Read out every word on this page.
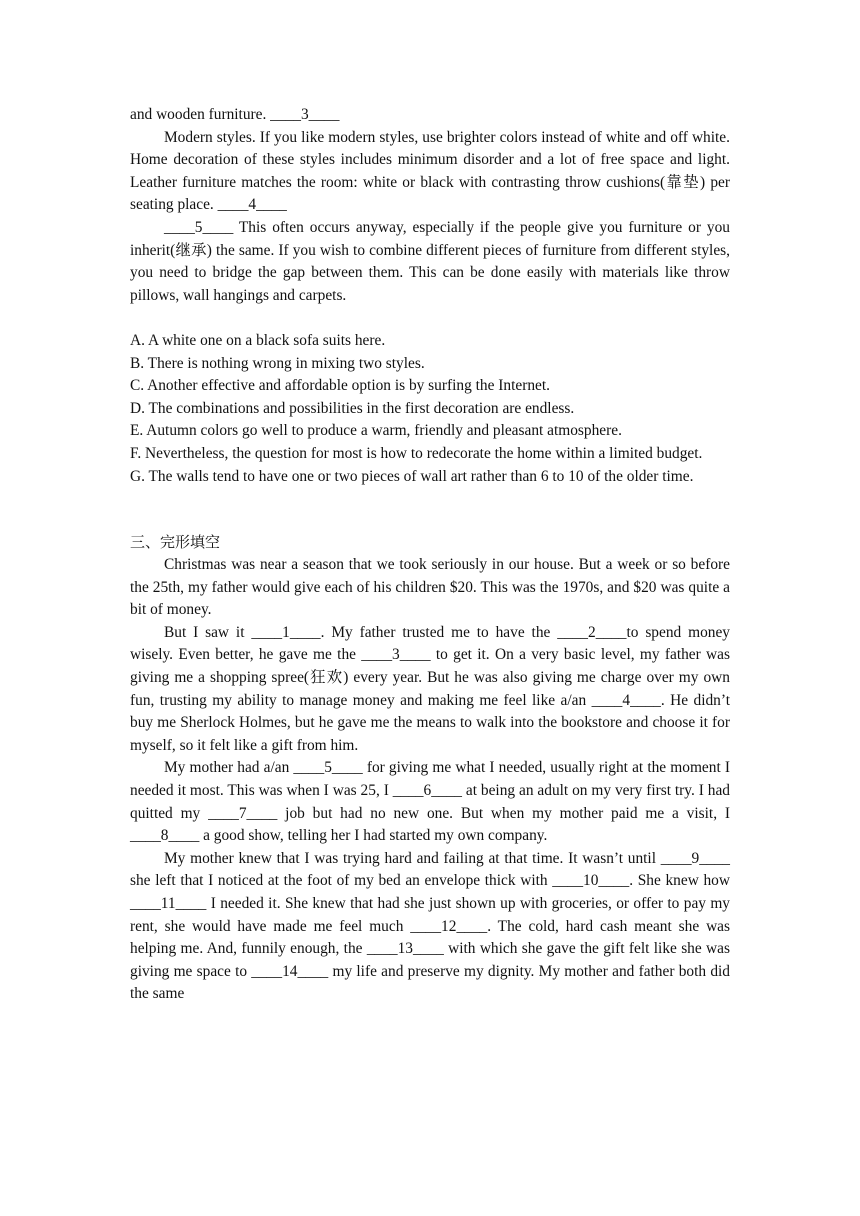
and wooden furniture. ____3____

Modern styles. If you like modern styles, use brighter colors instead of white and off white. Home decoration of these styles includes minimum disorder and a lot of free space and light. Leather furniture matches the room: white or black with contrasting throw cushions(靠垫) per seating place. ____4____

____5____ This often occurs anyway, especially if the people give you furniture or you inherit(继承) the same. If you wish to combine different pieces of furniture from different styles, you need to bridge the gap between them. This can be done easily with materials like throw pillows, wall hangings and carpets.

A. A white one on a black sofa suits here.

B. There is nothing wrong in mixing two styles.

C. Another effective and affordable option is by surfing the Internet.

D. The combinations and possibilities in the first decoration are endless.

E. Autumn colors go well to produce a warm, friendly and pleasant atmosphere.

F. Nevertheless, the question for most is how to redecorate the home within a limited budget.

G. The walls tend to have one or two pieces of wall art rather than 6 to 10 of the older time.

三、完形填空

Christmas was near a season that we took seriously in our house. But a week or so before the 25th, my father would give each of his children $20. This was the 1970s, and $20 was quite a bit of money.

But I saw it ____1____. My father trusted me to have the ____2____to spend money wisely. Even better, he gave me the ____3____ to get it. On a very basic level, my father was giving me a shopping spree(狂欢) every year. But he was also giving me charge over my own fun, trusting my ability to manage money and making me feel like a/an ____4____. He didn’t buy me Sherlock Holmes, but he gave me the means to walk into the bookstore and choose it for myself, so it felt like a gift from him.

My mother had a/an ____5____ for giving me what I needed, usually right at the moment I needed it most. This was when I was 25, I ____6____ at being an adult on my very first try. I had quitted my ____7____ job but had no new one. But when my mother paid me a visit, I ____8____ a good show, telling her I had started my own company.

My mother knew that I was trying hard and failing at that time. It wasn’t until ____9____ she left that I noticed at the foot of my bed an envelope thick with ____10____. She knew how ____11____ I needed it. She knew that had she just shown up with groceries, or offer to pay my rent, she would have made me feel much ____12____. The cold, hard cash meant she was helping me. And, funnily enough, the ____13____ with which she gave the gift felt like she was giving me space to ____14____ my life and preserve my dignity. My mother and father both did the same
